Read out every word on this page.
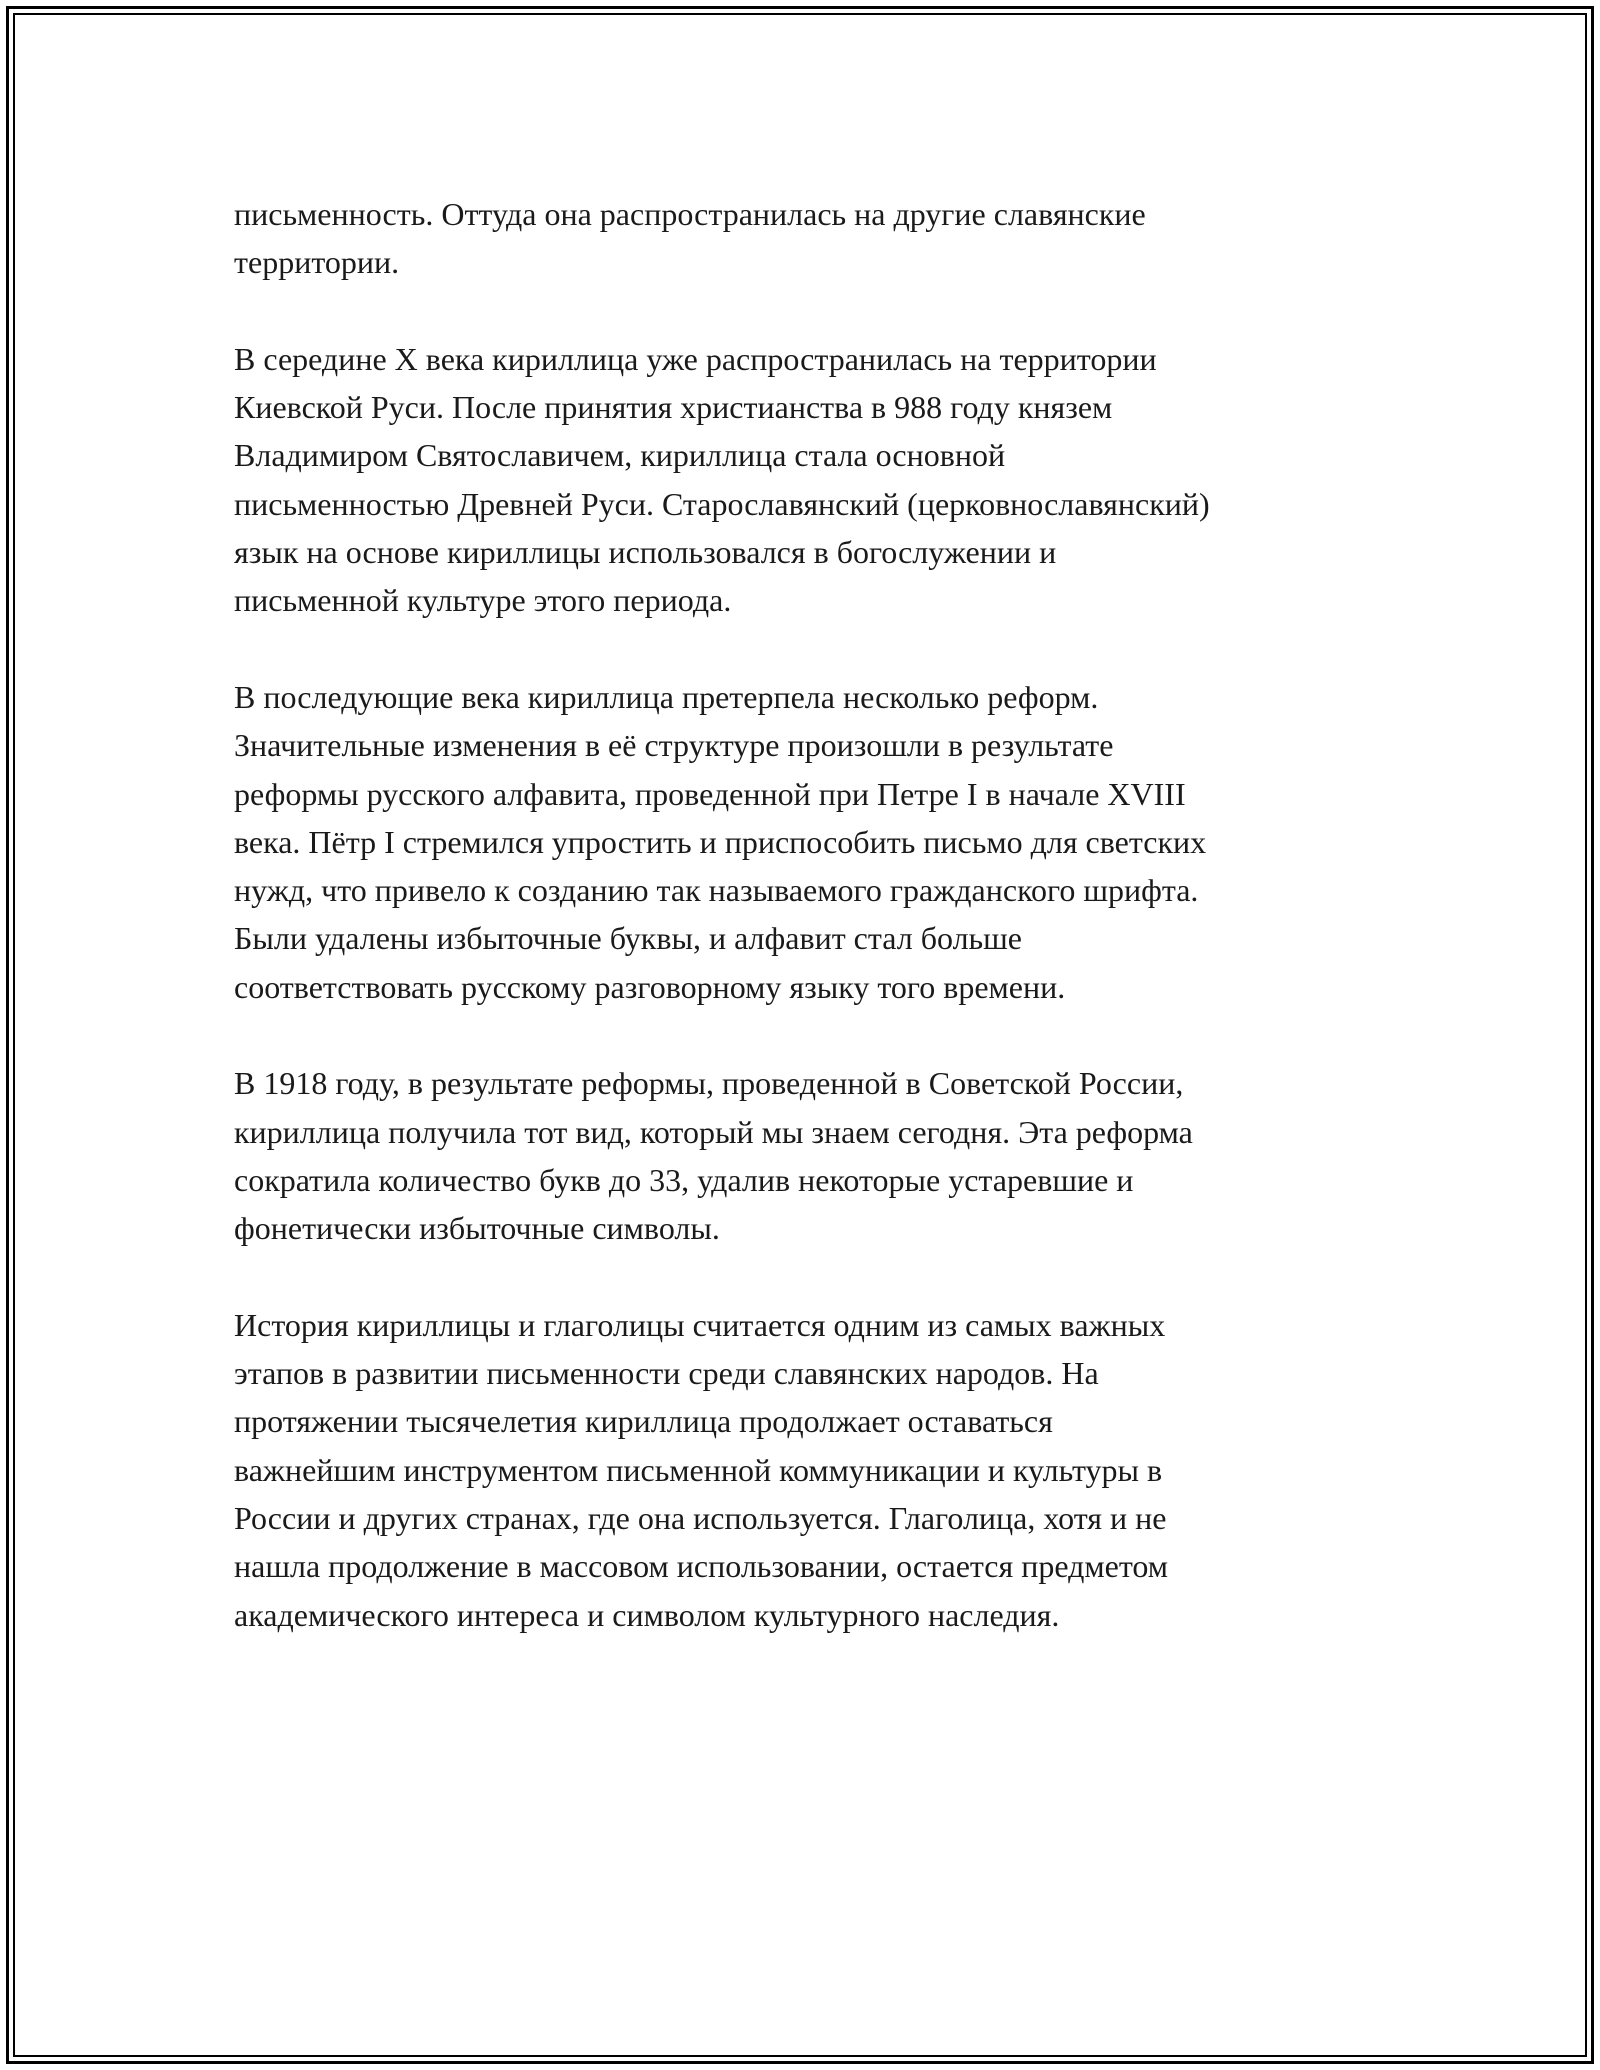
письменность. Оттуда она распространилась на другие славянские
территории.

В середине X века кириллица уже распространилась на территории
Киевской Руси. После принятия христианства в 988 году князем
Владимиром Святославичем, кириллица стала основной
письменностью Древней Руси. Старославянский (церковнославянский)
язык на основе кириллицы использовался в богослужении и
письменной культуре этого периода.

В последующие века кириллица претерпела несколько реформ.
Значительные изменения в её структуре произошли в результате
реформы русского алфавита, проведенной при Петре I в начале XVIII
века. Пётр I стремился упростить и приспособить письмо для светских
нужд, что привело к созданию так называемого гражданского шрифта.
Были удалены избыточные буквы, и алфавит стал больше
соответствовать русскому разговорному языку того времени.

В 1918 году, в результате реформы, проведенной в Советской России,
кириллица получила тот вид, который мы знаем сегодня. Эта реформа
сократила количество букв до 33, удалив некоторые устаревшие и
фонетически избыточные символы.

История кириллицы и глаголицы считается одним из самых важных
этапов в развитии письменности среди славянских народов. На
протяжении тысячелетия кириллица продолжает оставаться
важнейшим инструментом письменной коммуникации и культуры в
России и других странах, где она используется. Глаголица, хотя и не
нашла продолжение в массовом использовании, остается предметом
академического интереса и символом культурного наследия.
